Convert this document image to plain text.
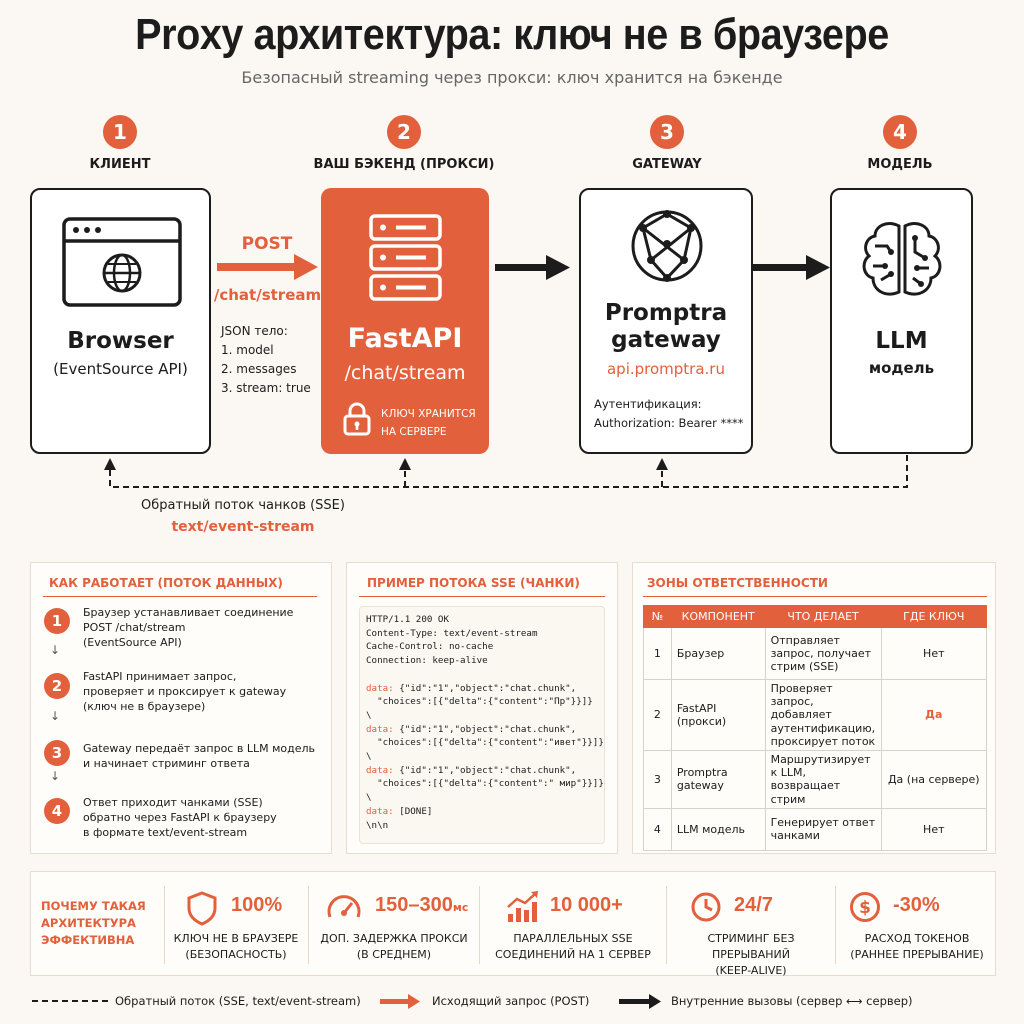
Proxy архитектура: ключ не в браузере
Безопасный streaming через прокси: ключ хранится на бэкенде
1
КЛИЕНТ
2
ВАШ БЭКЕНД (ПРОКСИ)
3
GATEWAY
4
МОДЕЛЬ
POST
/chat/stream
JSON тело:
1. model
2. messages
3. stream: true
Browser
(EventSource API)
FastAPI
/chat/stream
КЛЮЧ ХРАНИТСЯ
НА СЕРВЕРЕ
Promptra
gateway
api.promptra.ru
Аутентификация:
Authorization: Bearer ****
LLM
модель
Обратный поток чанков (SSE)
text/event-stream
КАК РАБОТАЕТ (ПОТОК ДАННЫХ)
1	Браузер устанавливает соединение
POST /chat/stream
(EventSource API)
↓
2
FastAPI принимает запрос,
проверяет и проксирует к gateway
(ключ не в браузере)
↓
3	Gateway передаёт запрос в LLM модель
и начинает стриминг ответа
↓
4	Ответ приходит чанками (SSE)
обратно через FastAPI к браузеру
в формате text/event-stream
ПРИМЕР ПОТОКА SSE (ЧАНКИ)
HTTP/1.1 200 OK
Content-Type: text/event-stream
Cache-Control: no-cache
Connection: keep-alive

data: {"id":"1","object":"chat.chunk",
"choices":[{"delta":{"content":"Пр"}}]}
\
data: {"id":"1","object":"chat.chunk",
"choices":[{"delta":{"content":"ивет"}}]}
\
data: {"id":"1","object":"chat.chunk",
"choices":[{"delta":{"content":" мир"}}]}
\
data: [DONE]
\n\n
ЗОНЫ ОТВЕТСТВЕННОСТИ
№	КОМПОНЕНТ	ЧТО ДЕЛАЕТ	ГДЕ КЛЮЧ
1	Браузер	Отправляет запрос, получает стрим (SSE)	Нет
2	FastAPI (прокси)	Проверяет запрос, добавляет аутентификацию, проксирует поток	Да
3	Promptra gateway	Маршрутизирует к LLM, возвращает стрим	Да (на сервере)
4	LLM модель	Генерирует ответ чанками	Нет
ПОЧЕМУ ТАКАЯ
АРХИТЕКТУРА
ЭФФЕКТИВНА
100%
КЛЮЧ НЕ В БРАУЗЕРЕ
(БЕЗОПАСНОСТЬ)
150–300мс
ДОП. ЗАДЕРЖКА ПРОКСИ
(В СРЕДНЕМ)
10 000+
ПАРАЛЛЕЛЬНЫХ SSE
СОЕДИНЕНИЙ НА 1 СЕРВЕР
24/7
СТРИМИНГ БЕЗ ПРЕРЫВАНИЙ
(KEEP-ALIVE)
$ -30%
РАСХОД ТОКЕНОВ
(РАННЕЕ ПРЕРЫВАНИЕ)
Обратный поток (SSE, text/event-stream)	Исходящий запрос (POST)	Внутренние вызовы (сервер ⟷ сервер)
